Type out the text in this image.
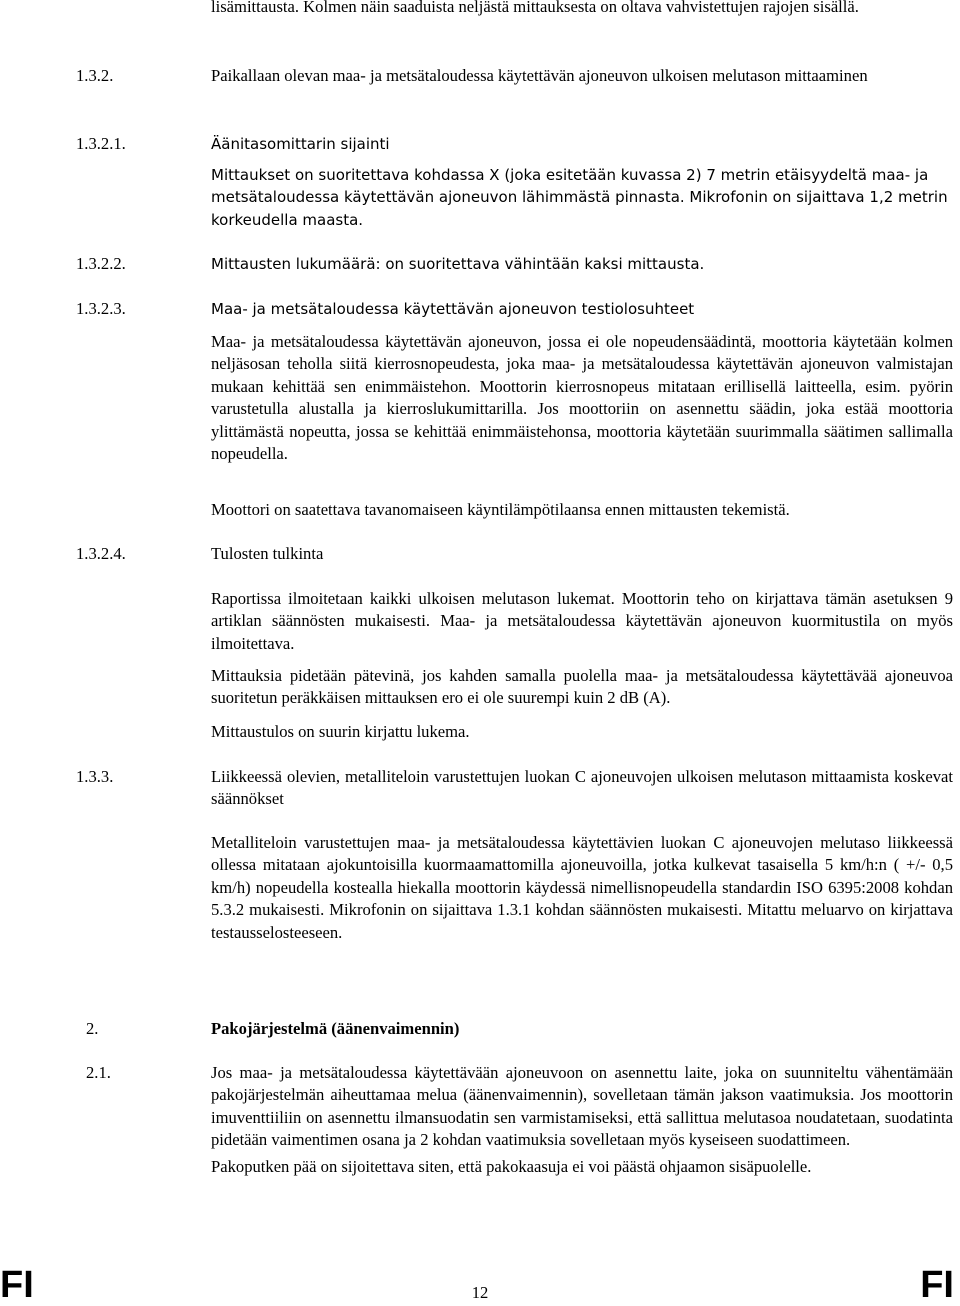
lisämittausta. Kolmen näin saaduista neljästä mittauksesta on oltava vahvistettujen rajojen sisällä.
1.3.2.	Paikallaan olevan maa- ja metsätaloudessa käytettävän ajoneuvon ulkoisen melutason mittaaminen
1.3.2.1.	Äänitasomittarin sijainti
Mittaukset on suoritettava kohdassa X (joka esitetään kuvassa 2) 7 metrin etäisyydeltä maa- ja metsätaloudessa käytettävän ajoneuvon lähimmästä pinnasta. Mikrofonin on sijaittava 1,2 metrin korkeudella maasta.
1.3.2.2.	Mittausten lukumäärä: on suoritettava vähintään kaksi mittausta.
1.3.2.3.	Maa- ja metsätaloudessa käytettävän ajoneuvon testiolosuhteet
Maa- ja metsätaloudessa käytettävän ajoneuvon, jossa ei ole nopeudensäädintä, moottoria käytetään kolmen neljäsosan teholla siitä kierrosnopeudesta, joka maa- ja metsätaloudessa käytettävän ajoneuvon valmistajan mukaan kehittää sen enimmäistehon. Moottorin kierrosnopeus mitataan erillisellä laitteella, esim. pyörin varustetulla alustalla ja kierroslukumittarilla. Jos moottoriin on asennettu säädin, joka estää moottoria ylittämästä nopeutta, jossa se kehittää enimmäistehonsa, moottoria käytetään suurimmalla säätimen sallimalla nopeudella.
Moottori on saatettava tavanomaiseen käyntilämpötilaansa ennen mittausten tekemistä.
1.3.2.4.	Tulosten tulkinta
Raportissa ilmoitetaan kaikki ulkoisen melutason lukemat. Moottorin teho on kirjattava tämän asetuksen 9 artiklan säännösten mukaisesti. Maa- ja metsätaloudessa käytettävän ajoneuvon kuormitustila on myös ilmoitettava.
Mittauksia pidetään pätevinä, jos kahden samalla puolella maa- ja metsätaloudessa käytettävää ajoneuvoa suoritetun peräkkäisen mittauksen ero ei ole suurempi kuin 2 dB (A).
Mittaustulos on suurin kirjattu lukema.
1.3.3.	Liikkeessä olevien, metalliteloin varustettujen luokan C ajoneuvojen ulkoisen melutason mittaamista koskevat säännökset
Metalliteloin varustettujen maa- ja metsätaloudessa käytettävien luokan C ajoneuvojen melutaso liikkeessä ollessa mitataan ajokuntoisilla kuormaamattomilla ajoneuvoilla, jotka kulkevat tasaisella 5 km/h:n ( +/- 0,5 km/h) nopeudella kostealla hiekalla moottorin käydessä nimellisnopeudella standardin ISO 6395:2008 kohdan 5.3.2 mukaisesti. Mikrofonin on sijaittava 1.3.1 kohdan säännösten mukaisesti. Mitattu meluarvo on kirjattava testausselosteeseen.
2.	Pakojärjestelmä (äänenvaimennin)
2.1.	Jos maa- ja metsätaloudessa käytettävään ajoneuvoon on asennettu laite, joka on suunniteltu vähentämään pakojärjestelmän aiheuttamaa melua (äänenvaimennin), sovelletaan tämän jakson vaatimuksia. Jos moottorin imuventtiiliin on asennettu ilmansuodatin sen varmistamiseksi, että sallittua melutasoa noudatetaan, suodatinta pidetään vaimentimen osana ja 2 kohdan vaatimuksia sovelletaan myös kyseiseen suodattimeen.
Pakoputken pää on sijoitettava siten, että pakokaasuja ei voi päästä ohjaamon sisäpuolelle.
FI	12	FI
